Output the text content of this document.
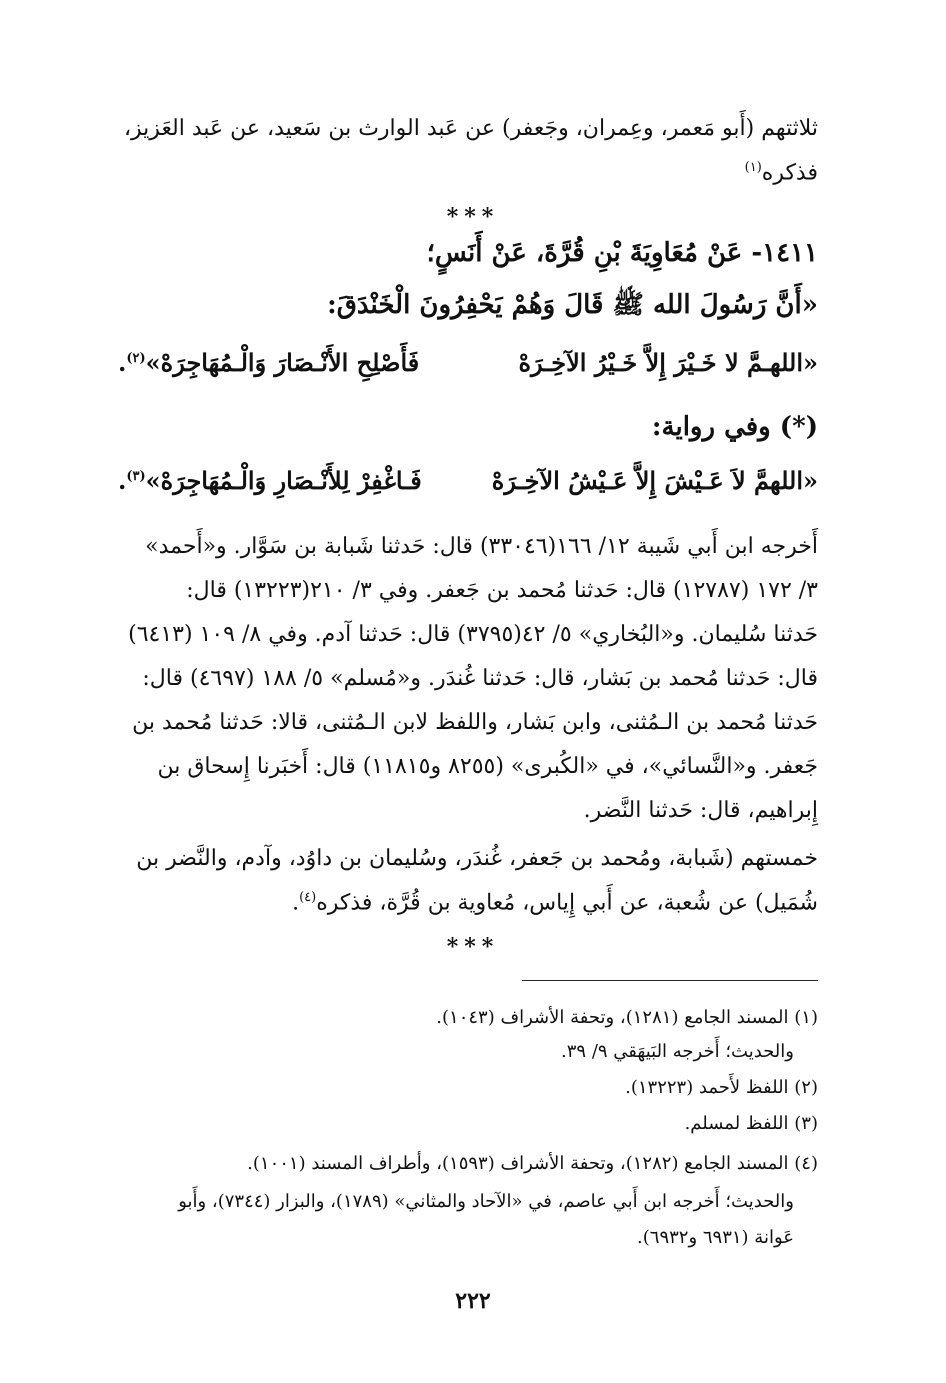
ثلاثتهم (أَبو مَعمر، وعِمران، وجَعفر) عن عَبد الوارث بن سَعيد، عن عَبد العَزيز،
فذكره$^{(١)}$
***
١٤١١- عَنْ مُعَاوِيَةَ بْنِ قُرَّةَ، عَنْ أَنَسٍ؛
«أَنَّ رَسُولَ الله ﷺ قَالَ وَهُمْ يَحْفِرُونَ الْخَنْدَقَ:
«اللهـمَّ لا خَـيْرَ إِلاَّ خَـيْرُ الآخِـرَهْ
فَأَصْلِحِ الأَنْـصَارَ وَالْـمُهَاجِرَهْ»$^{(٢)}$.
(*) وفي رواية:
«اللهمَّ لاَ عَـيْشَ إِلاَّ عَـيْشُ الآخِـرَهْ
فَـاغْفِرْ لِلأَنْـصَارِ وَالْـمُهَاجِرَهْ»$^{(٣)}$.
أَخرجه ابن أَبي شَيبة ١٢/ ١٦٦(٣٣٠٤٦) قال: حَدثنا شَبابة بن سَوَّار. و«أَحمد»
٣/ ١٧٢ (١٢٧٨٧) قال: حَدثنا مُحمد بن جَعفر. وفي ٣/ ٢١٠(١٣٢٢٣) قال:
حَدثنا سُليمان. و«البُخاري» ٥/ ٤٢(٣٧٩٥) قال: حَدثنا آدم. وفي ٨/ ١٠٩ (٦٤١٣)
قال: حَدثنا مُحمد بن بَشار، قال: حَدثنا غُندَر. و«مُسلم» ٥/ ١٨٨ (٤٦٩٧) قال:
حَدثنا مُحمد بن الـمُثنى، وابن بَشار، واللفظ لابن الـمُثنى، قالا: حَدثنا مُحمد بن
جَعفر. و«النَّسائي»، في «الكُبرى» (٨٢٥٥ و١١٨١٥) قال: أَخبَرنا إِسحاق بن
إِبراهيم، قال: حَدثنا النَّضر.
خمستهم (شَبابة، ومُحمد بن جَعفر، غُندَر، وسُليمان بن داوُد، وآدم، والنَّضر بن
شُمَيل) عن شُعبة، عن أَبي إِياس، مُعاوية بن قُرَّة، فذكره$^{(٤)}$.
***
(١) المسند الجامع (١٢٨١)، وتحفة الأشراف (١٠٤٣).
والحديث؛ أَخرجه البَيهَقي ٩/ ٣٩.
(٢) اللفظ لأَحمد (١٣٢٢٣).
(٣) اللفظ لمسلم.
(٤) المسند الجامع (١٢٨٢)، وتحفة الأشراف (١٥٩٣)، وأطراف المسند (١٠٠١).
والحديث؛ أَخرجه ابن أَبي عاصم، في «الآحاد والمثاني» (١٧٨٩)، والبزار (٧٣٤٤)، وأَبو
عَوانة (٦٩٣١ و٦٩٣٢).
٢٢٢
